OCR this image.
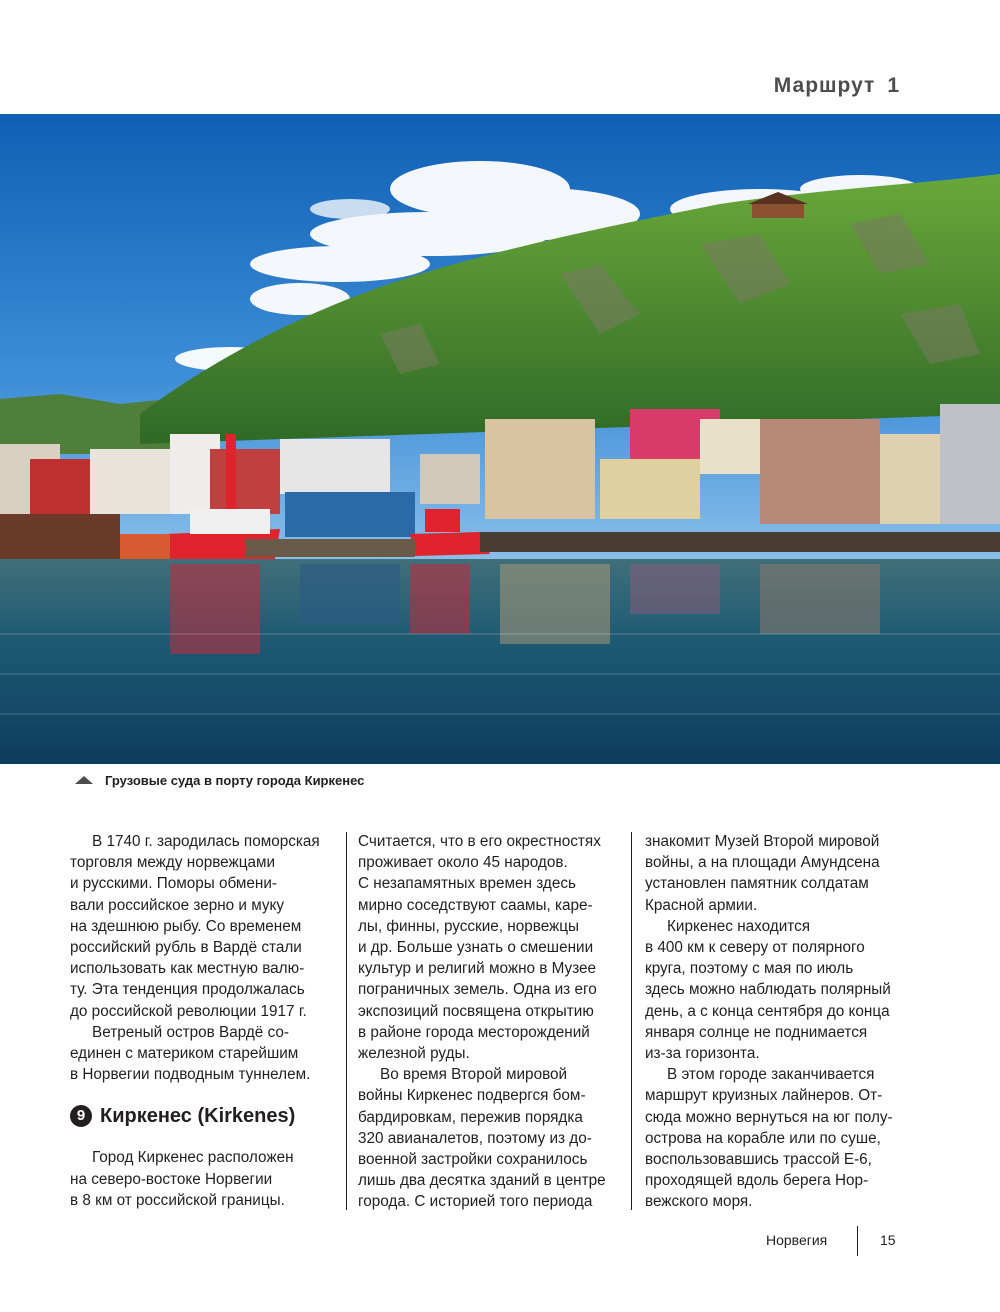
Маршрут 1
Грузовые суда в порту города Киркенес

В 1740 г. зародилась поморская

торговля между норвежцами

и русскими. Поморы обмени-

вали российское зерно и муку

на здешнюю рыбу. Со временем

российский рубль в Вардё стали

использовать как местную валю-

ту. Эта тенденция продолжалась

до российской революции 1917 г.

Ветреный остров Вардё со-

единен с материком старейшим

в Норвегии подводным туннелем.

9 Киркенес (Kirkenes)

Город Киркенес расположен

на северо-востоке Норвегии

в 8 км от российской границы.

Считается, что в его окрестностях

проживает около 45 народов.

С незапамятных времен здесь

мирно соседствуют саамы, каре-

лы, финны, русские, норвежцы

и др. Больше узнать о смешении

культур и религий можно в Музее

пограничных земель. Одна из его

экспозиций посвящена открытию

в районе города месторождений

железной руды.

Во время Второй мировой

войны Киркенес подвергся бом-

бардировкам, пережив порядка

320 авианалетов, поэтому из до-

военной застройки сохранилось

лишь два десятка зданий в центре

города. С историей того периода

знакомит Музей Второй мировой

войны, а на площади Амундсена

установлен памятник солдатам

Красной армии.

Киркенес находится

в 400 км к северу от полярного

круга, поэтому с мая по июль

здесь можно наблюдать полярный

день, а с конца сентября до конца

января солнце не поднимается

из-за горизонта.

В этом городе заканчивается

маршрут круизных лайнеров. От-

сюда можно вернуться на юг полу-

острова на корабле или по суше,

воспользовавшись трассой Е-6,

проходящей вдоль берега Нор-

вежского моря.

Норвегия	15
